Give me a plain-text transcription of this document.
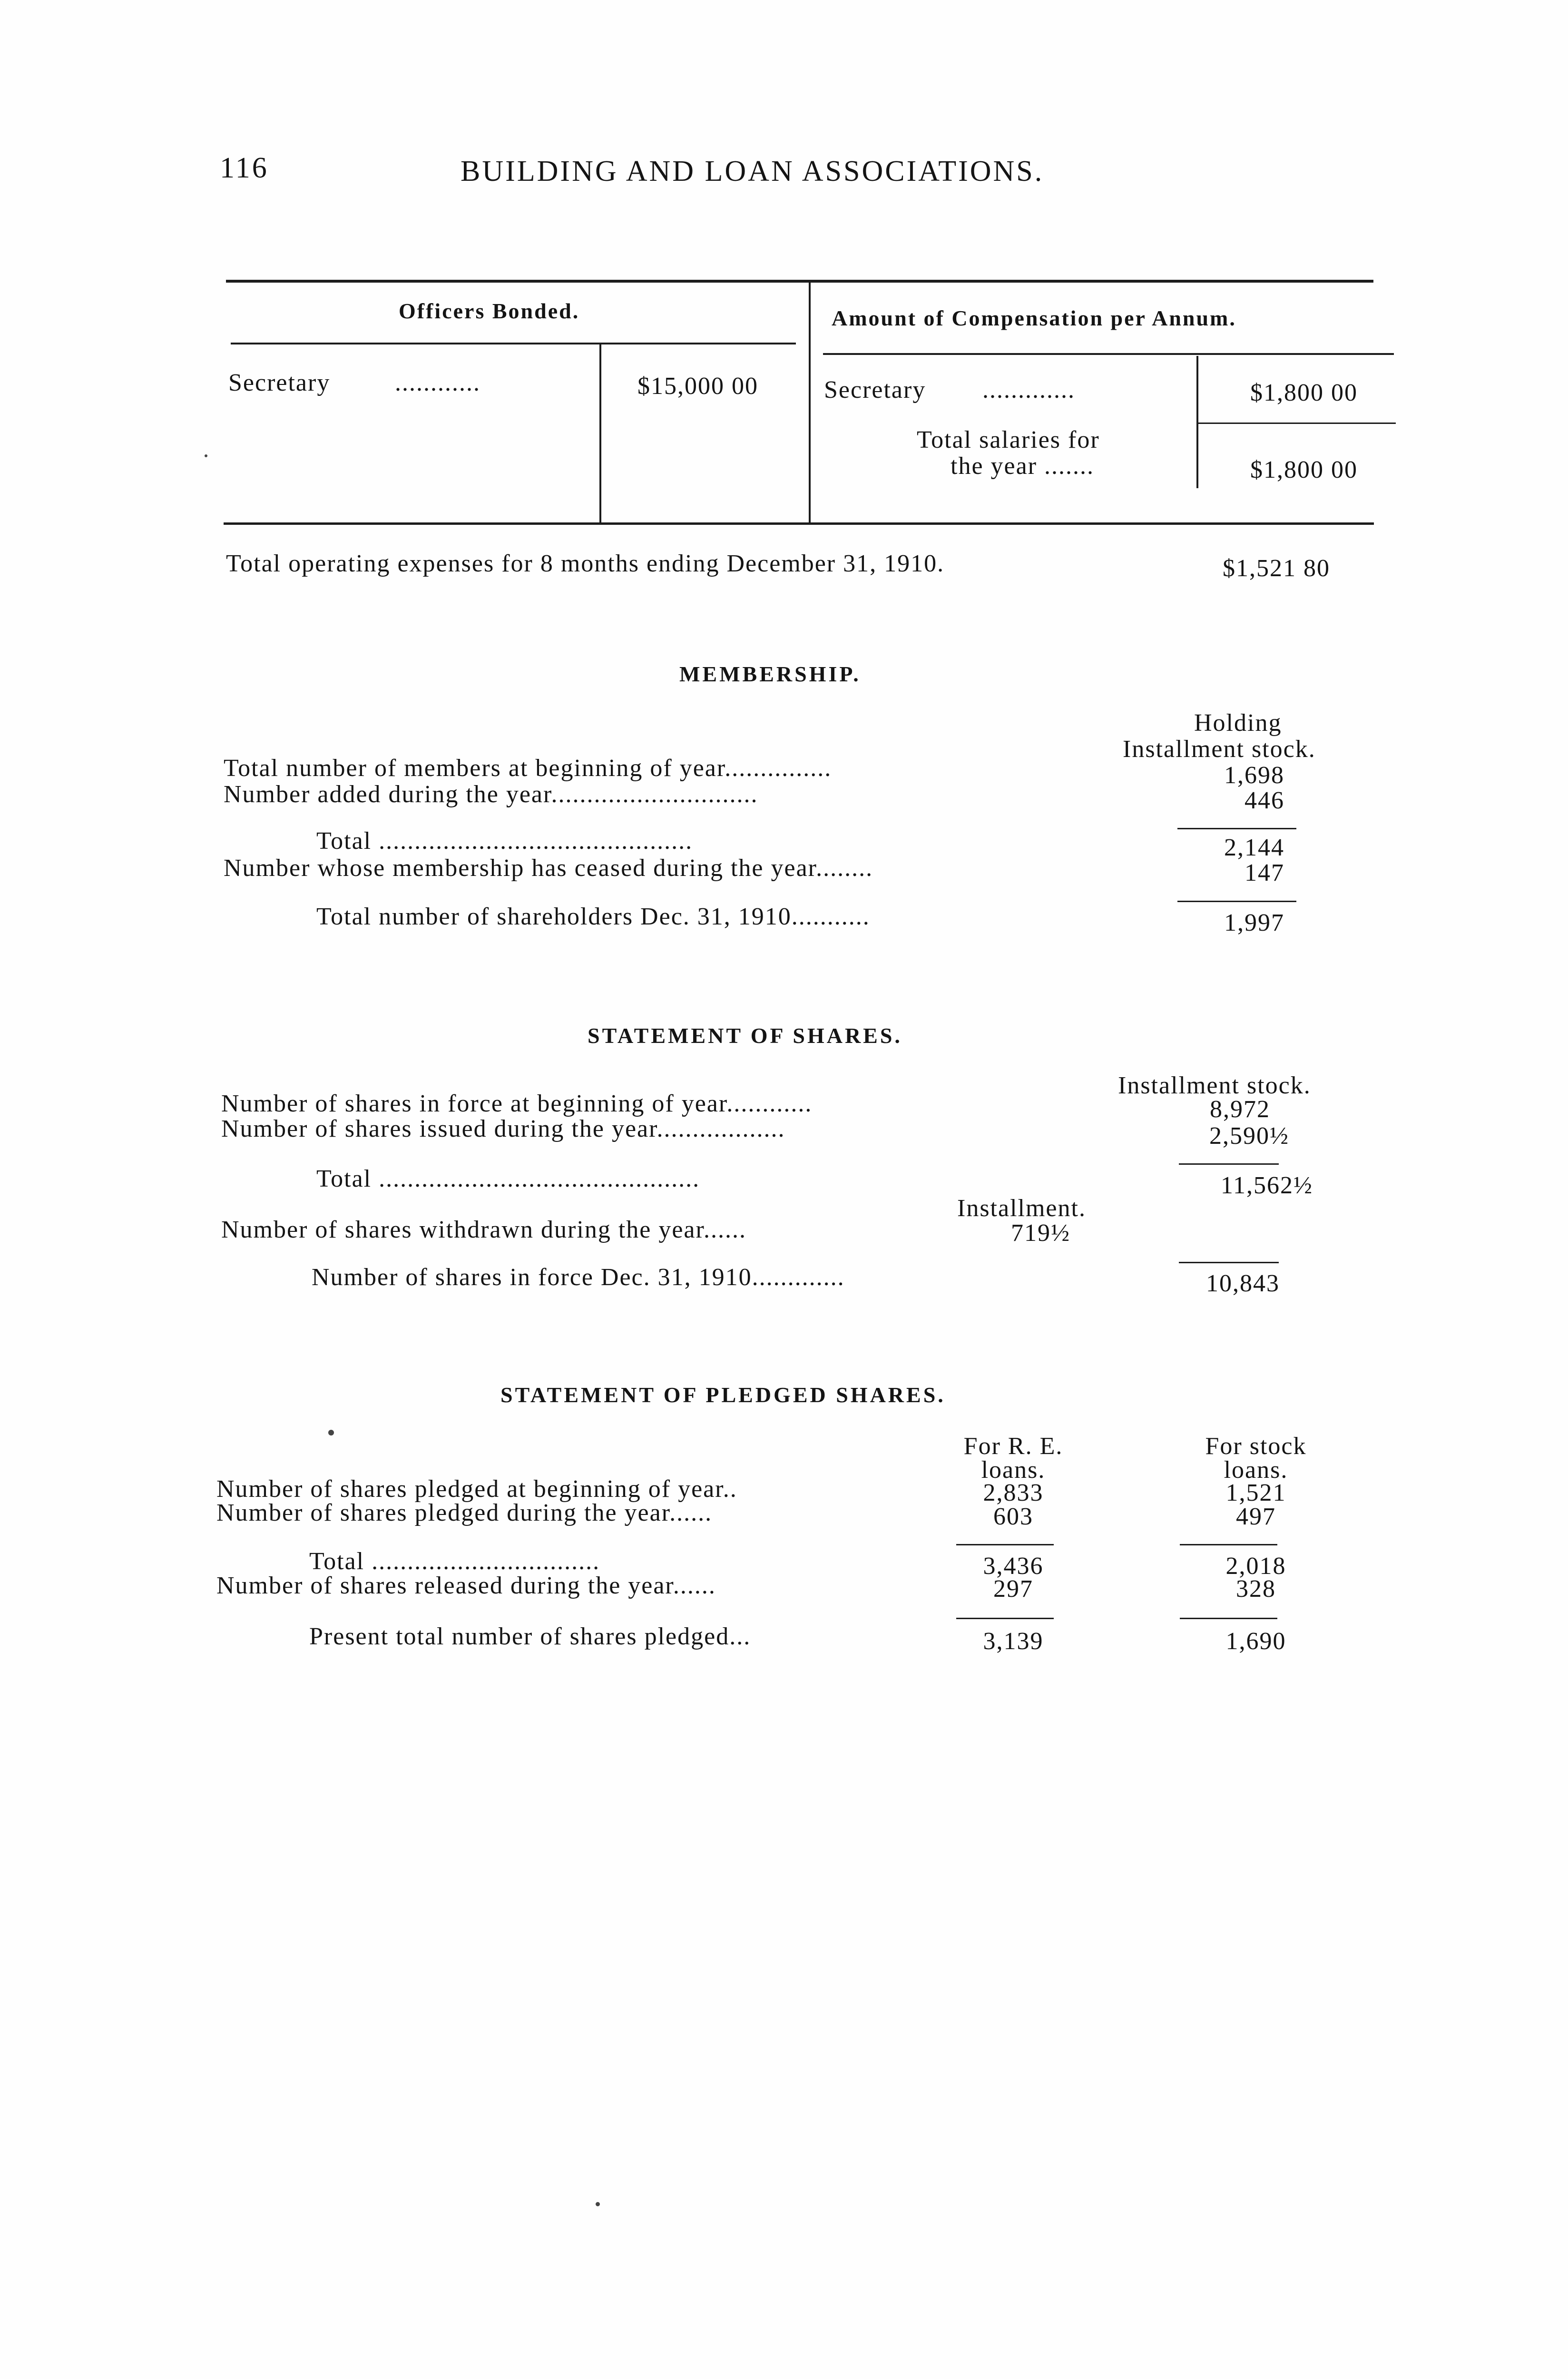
116	BUILDING AND LOAN ASSOCIATIONS.
Officers Bonded.	Amount of Compensation per Annum.
Secretary	............	$15,000 00	Secretary .............	$1,800 00
Total salaries for
the year .......	$1,800 00
Total operating expenses for 8 months ending December 31, 1910.	$1,521 80
MEMBERSHIP.
Holding
Installment stock.
Total number of members at beginning of year...............	1,698
Number added during the year.............................	446
Total ............................................	2,144
Number whose membership has ceased during the year........	147
Total number of shareholders Dec. 31, 1910...........	1,997
STATEMENT OF SHARES.
Installment stock.
Number of shares in force at beginning of year............	8,972
Number of shares issued during the year..................	2,590½
Total .............................................	11,562½
Installment.
Number of shares withdrawn during the year......	719½
Number of shares in force Dec. 31, 1910.............	10,843
STATEMENT OF PLEDGED SHARES.
For R. E.
loans.
For stock
loans.
Number of shares pledged at beginning of year..	2,833	1,521
Number of shares pledged during the year......	603	497
Total ................................	3,436	2,018
Number of shares released during the year......	297	328
Present total number of shares pledged...	3,139	1,690
